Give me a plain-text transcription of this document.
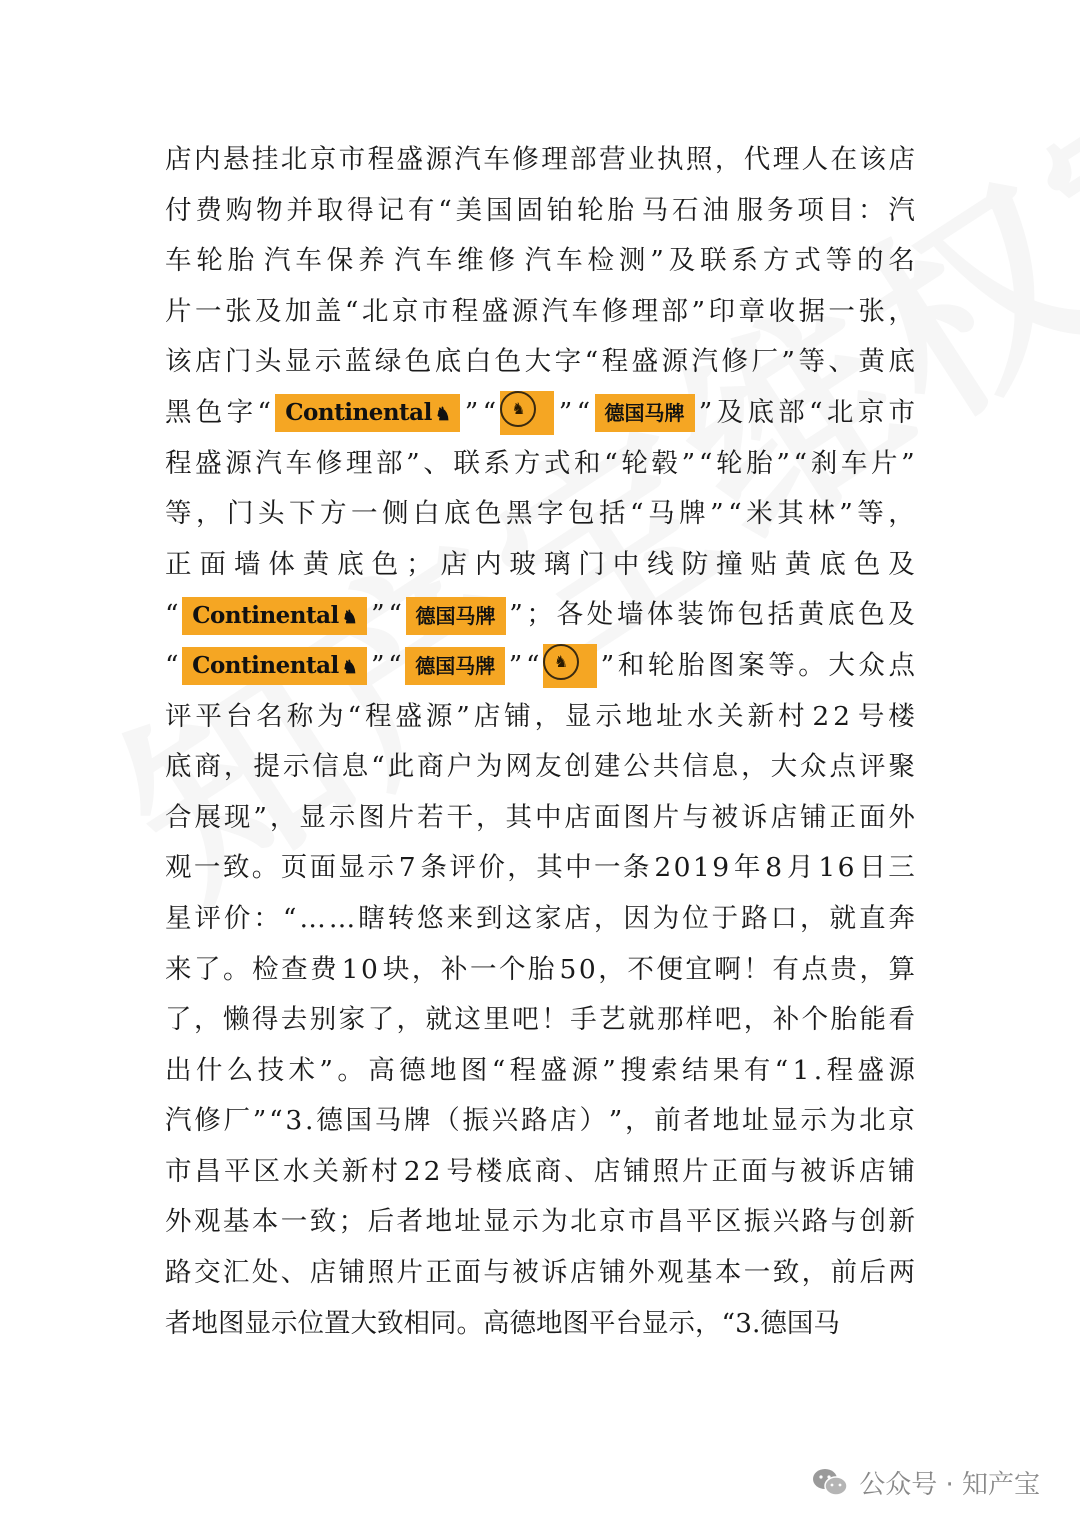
店 内 悬 挂 北 京 市 程 盛 源 汽 车 修 理 部 营 业 执 照 ， 代 理 人 在 该 店
付 费 购 物 并 取 得 记 有 “ 美 国 固 铂 轮 胎 马 石 油 服 务 项 目 ： 汽
车 轮 胎 汽 车 保 养 汽 车 维 修 汽 车 检 测 ” 及 联 系 方 式 等 的 名
片 一 张 及 加 盖 “ 北 京 市 程 盛 源 汽 车 修 理 部 ” 印 章 收 据 一 张 ，
该 店 门 头 显 示 蓝 绿 色 底 白 色 大 字 “ 程 盛 源 汽 修 厂 ” 等 、 黄 底
黑 色 字 “ Continental ♞ ” “ ♞	” “ 德国马牌 ” 及 底 部 “ 北 京 市
程 盛 源 汽 车 修 理 部 ” 、 联 系 方 式 和 “ 轮 毂 ” “ 轮 胎 ” “ 刹 车 片 ”
等 ， 门 头 下 方 一 侧 白 底 色 黑 字 包 括 “ 马 牌 ” “ 米 其 林 ” 等 ，
正 面 墙 体 黄 底 色 ； 店 内 玻 璃 门 中 线 防 撞 贴 黄 底 色 及
“ Continental ♞ ” “ 德国马牌 ” ； 各 处 墙 体 装 饰 包 括 黄 底 色 及
“ Continental ♞ ” “ 德国马牌 ” “ ♞	” 和 轮 胎 图 案 等 。 大 众 点
评 平 台 名 称 为 “ 程 盛 源 ” 店 铺 ， 显 示 地 址 水 关 新 村 2 2 号 楼
底 商 ， 提 示 信 息 “ 此 商 户 为 网 友 创 建 公 共 信 息 ， 大 众 点 评 聚
合 展 现 ” ， 显 示 图 片 若 干 ， 其 中 店 面 图 片 与 被 诉 店 铺 正 面 外
观 一 致 。 页 面 显 示 7 条 评 价 ， 其 中 一 条 2 0 1 9 年 8 月 1 6 日 三
星 评 价 ： “ … … 瞎 转 悠 来 到 这 家 店 ， 因 为 位 于 路 口 ， 就 直 奔
来 了 。 检 查 费 1 0 块 ， 补 一 个 胎 5 0 ， 不 便 宜 啊 ！ 有 点 贵 ， 算
了 ， 懒 得 去 别 家 了 ， 就 这 里 吧 ！ 手 艺 就 那 样 吧 ， 补 个 胎 能 看
出 什 么 技 术 ” 。 高 德 地 图 “ 程 盛 源 ” 搜 索 结 果 有 “ 1 . 程 盛 源
汽 修 厂 ” “ 3 . 德 国 马 牌 （ 振 兴 路 店 ） ” ， 前 者 地 址 显 示 为 北 京
市 昌 平 区 水 关 新 村 2 2 号 楼 底 商 、 店 铺 照 片 正 面 与 被 诉 店 铺
外 观 基 本 一 致 ； 后 者 地 址 显 示 为 北 京 市 昌 平 区 振 兴 路 与 创 新
路 交 汇 处 、 店 铺 照 片 正 面 与 被 诉 店 铺 外 观 基 本 一 致 ， 前 后 两
者 地 图 显 示 位 置 大 致 相 同 。 高 德 地 图 平 台 显 示 ， “ 3 . 德 国 马
公众号 · 知产宝
